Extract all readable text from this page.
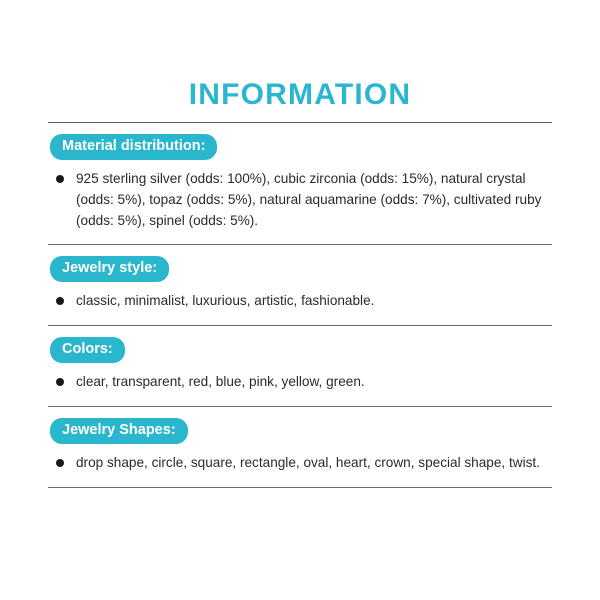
INFORMATION
Material distribution:
925 sterling silver (odds: 100%), cubic zirconia (odds: 15%), natural crystal (odds: 5%), topaz (odds: 5%), natural aquamarine (odds: 7%), cultivated ruby (odds: 5%), spinel (odds: 5%).
Jewelry style:
classic, minimalist, luxurious, artistic, fashionable.
Colors:
clear, transparent, red, blue, pink, yellow, green.
Jewelry Shapes:
drop shape, circle, square, rectangle, oval, heart, crown, special shape, twist.
